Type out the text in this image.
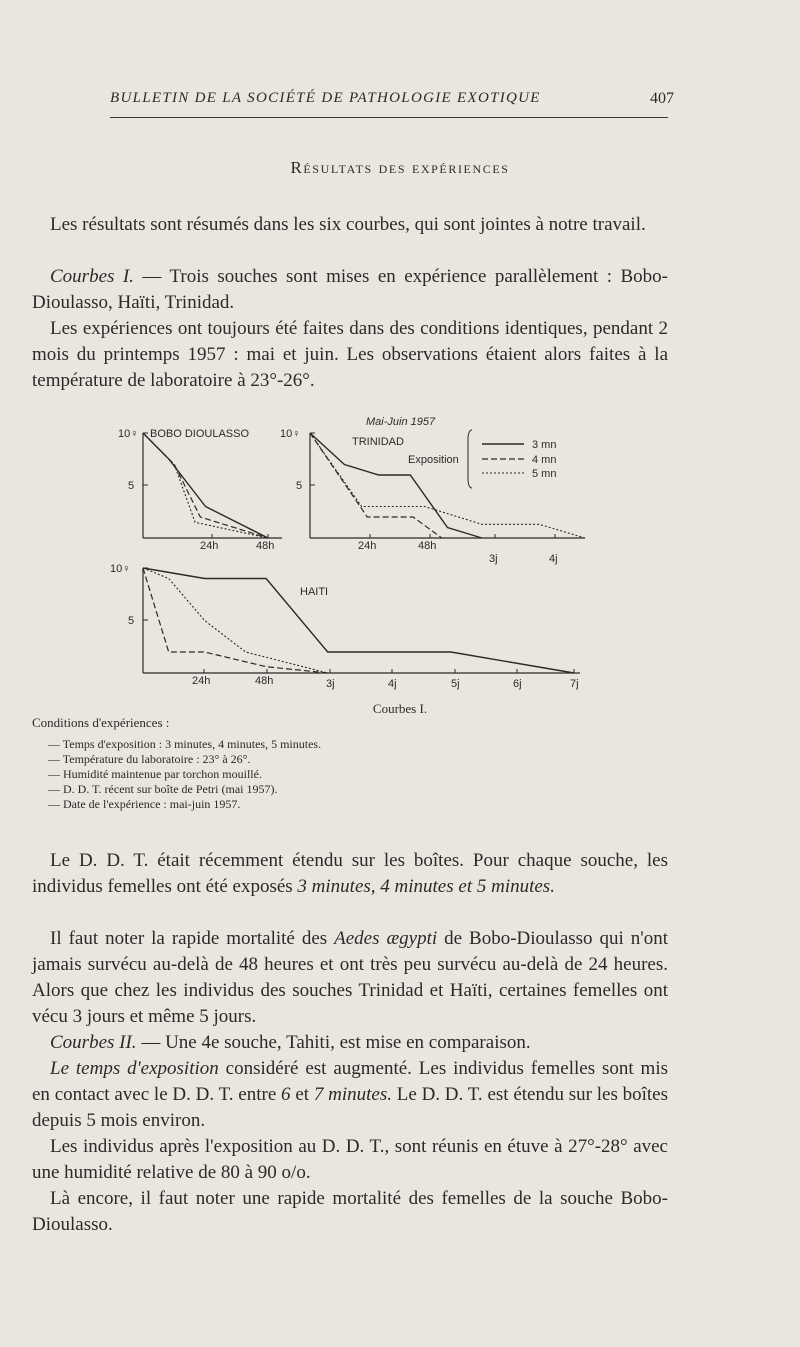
BULLETIN DE LA SOCIÉTÉ DE PATHOLOGIE EXOTIQUE	407
Résultats des expériences
Les résultats sont résumés dans les six courbes, qui sont jointes à notre travail.
Courbes I. — Trois souches sont mises en expérience parallèlement : Bobo-Dioulasso, Haïti, Trinidad.
Les expériences ont toujours été faites dans des conditions identiques, pendant 2 mois du printemps 1957 : mai et juin. Les observations étaient alors faites à la température de laboratoire à 23°-26°.
10♀
5
BOBO DIOULASSO
24h	48h
10♀
5
TRINIDAD
Mai-Juin 1957
24h	48h
3j	4j
Exposition
3 mn
4 mn
5 mn
10♀
5
HAITI
24h	48h	3j	4j	5j	6j	7j
Courbes I.
Conditions d'expériences :
— Temps d'exposition : 3 minutes, 4 minutes, 5 minutes.
— Température du laboratoire : 23° à 26°.
— Humidité maintenue par torchon mouillé.
— D. D. T. récent sur boîte de Petri (mai 1957).
— Date de l'expérience : mai-juin 1957.
Le D. D. T. était récemment étendu sur les boîtes. Pour chaque souche, les individus femelles ont été exposés 3 minutes, 4 minutes et 5 minutes.
Il faut noter la rapide mortalité des Aedes ægypti de Bobo-Dioulasso qui n'ont jamais survécu au-delà de 48 heures et ont très peu survécu au-delà de 24 heures. Alors que chez les individus des souches Trinidad et Haïti, certaines femelles ont vécu 3 jours et même 5 jours.
Courbes II. — Une 4e souche, Tahiti, est mise en comparaison.
Le temps d'exposition considéré est augmenté. Les individus femelles sont mis en contact avec le D. D. T. entre 6 et 7 minutes. Le D. D. T. est étendu sur les boîtes depuis 5 mois environ.
Les individus après l'exposition au D. D. T., sont réunis en étuve à 27°-28° avec une humidité relative de 80 à 90 o/o.
Là encore, il faut noter une rapide mortalité des femelles de la souche Bobo-Dioulasso.
